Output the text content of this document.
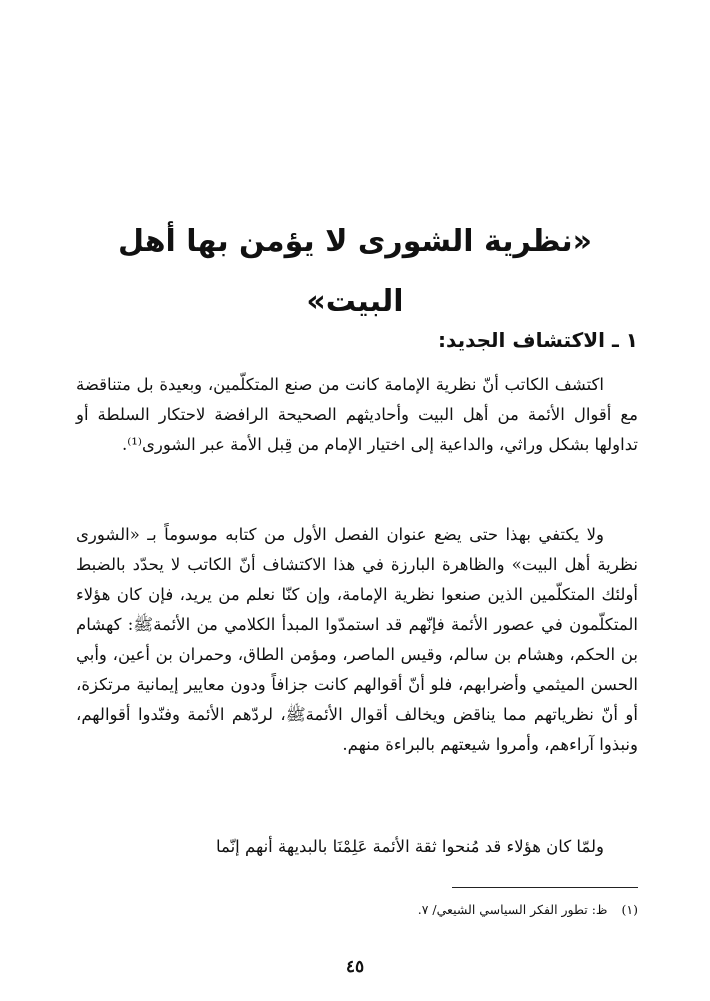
«نظرية الشورى لا يؤمن بها أهل البيت»
١ ـ الاكتشاف الجديد:

اكتشف الكاتب أنّ نظرية الإمامة كانت من صنع المتكلّمين، وبعيدة بل متناقضة مع أقوال الأئمة من أهل البيت وأحاديثهم الصحيحة الرافضة لاحتكار السلطة أو تداولها بشكل وراثي، والداعية إلى اختيار الإمام من قِبل الأمة عبر الشورى⁽¹⁾.

ولا يكتفي بهذا حتى يضع عنوان الفصل الأول من كتابه موسوماً بـ «الشورى نظرية أهل البيت» والظاهرة البارزة في هذا الاكتشاف أنّ الكاتب لا يحدّد بالضبط أولئك المتكلّمين الذين صنعوا نظرية الإمامة، وإن كنّا نعلم من يريد، فإن كان هؤلاء المتكلّمون في عصور الأئمة فإنّهم قد استمدّوا المبدأ الكلامي من الأئمةﷺ: كهشام بن الحكم، وهشام بن سالم، وقيس الماصر، ومؤمن الطاق، وحمران بن أعين، وأبي الحسن الميثمي وأضرابهم، فلو أنّ أقوالهم كانت جزافاً ودون معايير إيمانية مرتكزة، أو أنّ نظرياتهم مما يناقض ويخالف أقوال الأئمةﷺ، لردّهم الأئمة وفنّدوا أقوالهم، ونبذوا آراءهم، وأمروا شيعتهم بالبراءة منهم.

ولمّا كان هؤلاء قد مُنحوا ثقة الأئمة عَلِمْنَا بالبديهة أنهم إنّما

(١)ظ: تطور الفكر السياسي الشيعي/ ٧.

٤٥
